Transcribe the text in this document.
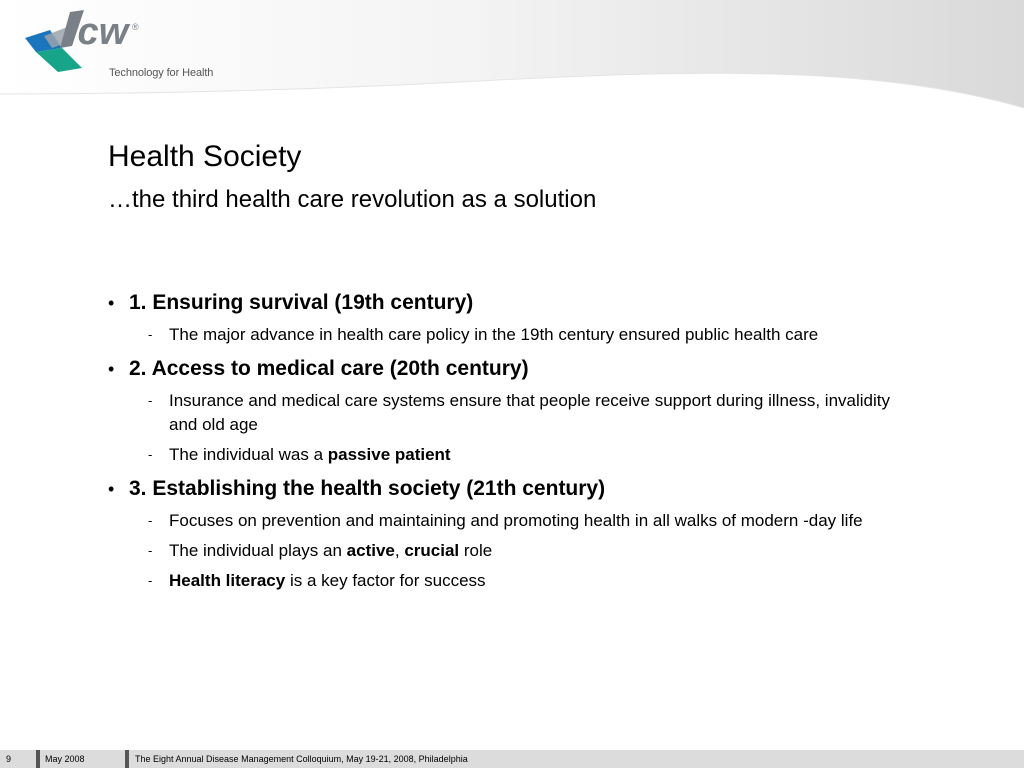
icw ®
Technology for Health
Health Society
…the third health care revolution as a solution
• 1. Ensuring survival (19th century)
- The major advance in health care policy in the 19th century ensured public health care
• 2. Access to medical care (20th century)
- Insurance and medical care systems ensure that people receive support during illness, invalidity and old age
- The individual was a passive patient
• 3. Establishing the health society (21th century)
- Focuses on prevention and maintaining and promoting health in all walks of modern -day life
- The individual plays an active, crucial role
- Health literacy is a key factor for success
9	May 2008	The Eight Annual Disease Management Colloquium, May 19-21, 2008, Philadelphia
